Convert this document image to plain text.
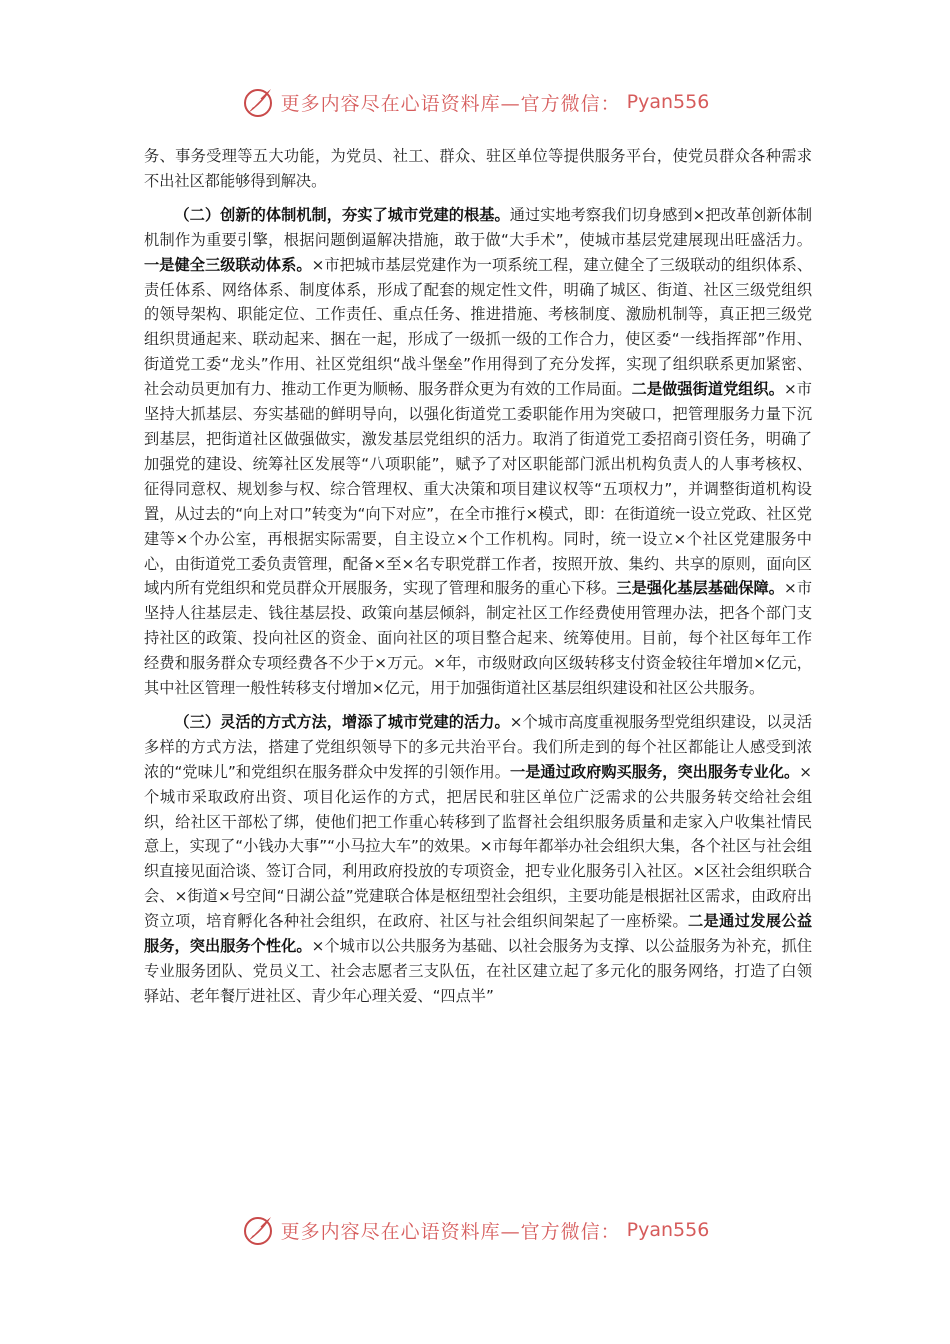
更多内容尽在心语资料库—官方微信： Pyan556

务、事务受理等五大功能，为党员、社工、群众、驻区单位等提供服务平台，使党员群众各种需求不出社区都能够得到解决。

（二）创新的体制机制，夯实了城市党建的根基。通过实地考察我们切身感到×把改革创新体制机制作为重要引擎，根据问题倒逼解决措施，敢于做“大手术”，使城市基层党建展现出旺盛活力。一是健全三级联动体系。×市把城市基层党建作为一项系统工程，建立健全了三级联动的组织体系、责任体系、网络体系、制度体系，形成了配套的规定性文件，明确了城区、街道、社区三级党组织的领导架构、职能定位、工作责任、重点任务、推进措施、考核制度、激励机制等，真正把三级党组织贯通起来、联动起来、捆在一起，形成了一级抓一级的工作合力，使区委“一线指挥部”作用、街道党工委“龙头”作用、社区党组织“战斗堡垒”作用得到了充分发挥，实现了组织联系更加紧密、社会动员更加有力、推动工作更为顺畅、服务群众更为有效的工作局面。二是做强街道党组织。×市坚持大抓基层、夯实基础的鲜明导向，以强化街道党工委职能作用为突破口，把管理服务力量下沉到基层，把街道社区做强做实，激发基层党组织的活力。取消了街道党工委招商引资任务，明确了加强党的建设、统筹社区发展等“八项职能”，赋予了对区职能部门派出机构负责人的人事考核权、征得同意权、规划参与权、综合管理权、重大决策和项目建议权等“五项权力”，并调整街道机构设置，从过去的“向上对口”转变为“向下对应”，在全市推行×模式，即：在街道统一设立党政、社区党建等×个办公室，再根据实际需要，自主设立×个工作机构。同时，统一设立×个社区党建服务中心，由街道党工委负责管理，配备×至×名专职党群工作者，按照开放、集约、共享的原则，面向区域内所有党组织和党员群众开展服务，实现了管理和服务的重心下移。三是强化基层基础保障。×市坚持人往基层走、钱往基层投、政策向基层倾斜，制定社区工作经费使用管理办法，把各个部门支持社区的政策、投向社区的资金、面向社区的项目整合起来、统筹使用。目前，每个社区每年工作经费和服务群众专项经费各不少于×万元。×年，市级财政向区级转移支付资金较往年增加×亿元，其中社区管理一般性转移支付增加×亿元，用于加强街道社区基层组织建设和社区公共服务。

（三）灵活的方式方法，增添了城市党建的活力。×个城市高度重视服务型党组织建设，以灵活多样的方式方法，搭建了党组织领导下的多元共治平台。我们所走到的每个社区都能让人感受到浓浓的“党味儿”和党组织在服务群众中发挥的引领作用。一是通过政府购买服务，突出服务专业化。×个城市采取政府出资、项目化运作的方式，把居民和驻区单位广泛需求的公共服务转交给社会组织，给社区干部松了绑，使他们把工作重心转移到了监督社会组织服务质量和走家入户收集社情民意上，实现了“小钱办大事”“小马拉大车”的效果。×市每年都举办社会组织大集，各个社区与社会组织直接见面洽谈、签订合同，利用政府投放的专项资金，把专业化服务引入社区。×区社会组织联合会、×街道×号空间“日湖公益”党建联合体是枢纽型社会组织，主要功能是根据社区需求，由政府出资立项，培育孵化各种社会组织，在政府、社区与社会组织间架起了一座桥梁。二是通过发展公益服务，突出服务个性化。×个城市以公共服务为基础、以社会服务为支撑、以公益服务为补充，抓住专业服务团队、党员义工、社会志愿者三支队伍，在社区建立起了多元化的服务网络，打造了白领驿站、老年餐厅进社区、青少年心理关爱、“四点半”

更多内容尽在心语资料库—官方微信： Pyan556
